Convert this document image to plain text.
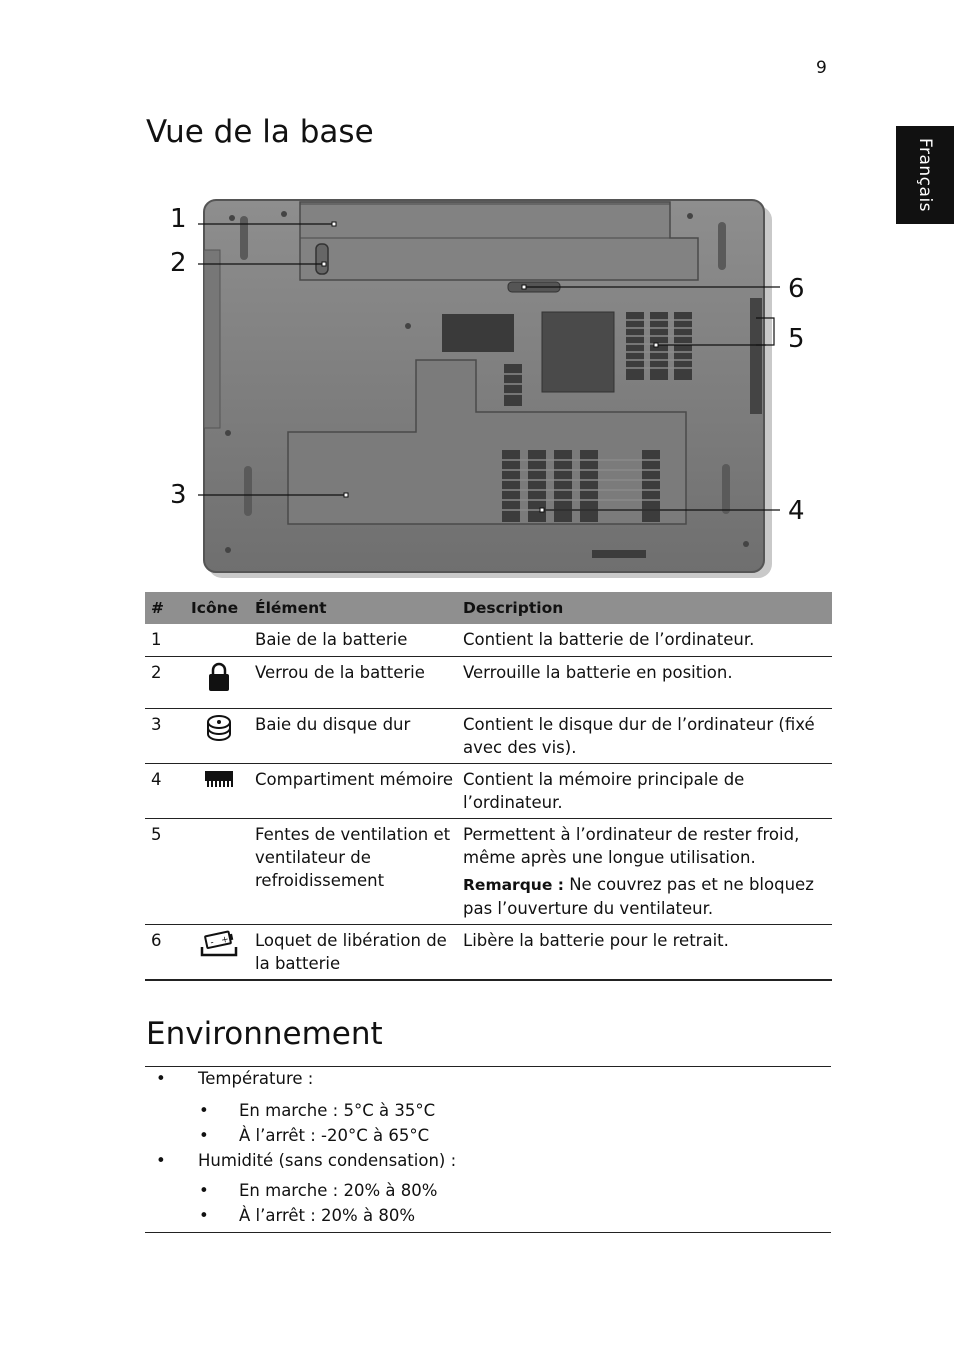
9
Français
Vue de la base
1
2
3
4
5
6
#	Icône	Élément	Description
1		Baie de la batterie	Contient la batterie de l’ordinateur.
2		Verrou de la batterie	Verrouille la batterie en position.
3		Baie du disque dur	Contient le disque dur de l’ordinateur (fixé avec des vis).
4		Compartiment mémoire	Contient la mémoire principale de l’ordinateur.
5		Fentes de ventilation et ventilateur de refroidissement	Permettent à l’ordinateur de rester froid, même après une longue utilisation.
Remarque : Ne couvrez pas et ne bloquez pas l’ouverture du ventilateur.

6	- +	Loquet de libération de la batterie	Libère la batterie pour le retrait.
Environnement
• Température :
• En marche : 5°C à 35°C
• À l’arrêt : -20°C à 65°C
• Humidité (sans condensation) :
• En marche : 20% à 80%
• À l’arrêt : 20% à 80%
